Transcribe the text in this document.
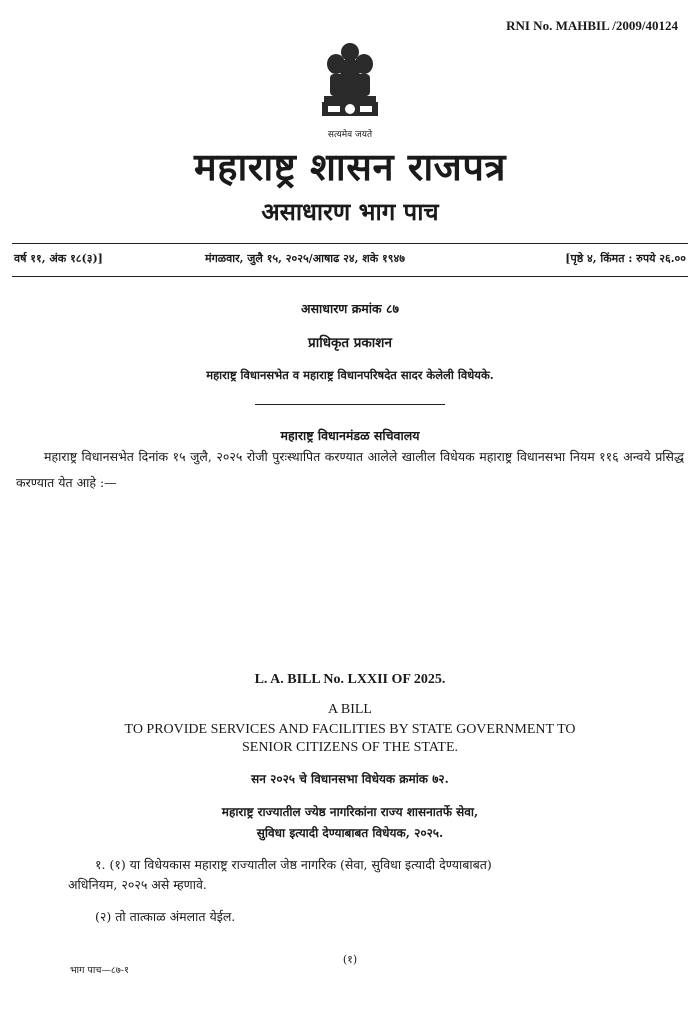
RNI No. MAHBIL /2009/40124
सत्यमेव जयते
महाराष्ट्र शासन राजपत्र
असाधारण भाग पाच
वर्ष ११, अंक १८(३)]	मंगळवार, जुलै १५, २०२५/आषाढ २४, शके १९४७	[पृष्ठे ४, किंमत : रुपये २६.००
असाधारण क्रमांक ८७
प्राधिकृत प्रकाशन
महाराष्ट्र विधानसभेत व महाराष्ट्र विधानपरिषदेत सादर केलेली विधेयके.
महाराष्ट्र विधानमंडळ सचिवालय
महाराष्ट्र विधानसभेत दिनांक १५ जुलै, २०२५ रोजी पुरःस्थापित करण्यात आलेले खालील विधेयक महाराष्ट्र विधानसभा नियम ११६ अन्वये प्रसिद्ध करण्यात येत आहे :—
L. A. BILL No. LXXII OF 2025.
A BILL
TO PROVIDE SERVICES AND FACILITIES BY STATE GOVERNMENT TO
SENIOR CITIZENS OF THE STATE.
सन २०२५ चे विधानसभा विधेयक क्रमांक ७२.
महाराष्ट्र राज्यातील ज्येष्ठ नागरिकांना राज्य शासनातर्फे सेवा,
सुविधा इत्यादी देण्याबाबत विधेयक, २०२५.
१. (१) या विधेयकास महाराष्ट्र राज्यातील जेष्ठ नागरिक (सेवा, सुविधा इत्यादी देण्याबाबत)
अधिनियम, २०२५ असे म्हणावे.
(२) तो तात्काळ अंमलात येईल.
(१)
भाग पाच—८७-१
